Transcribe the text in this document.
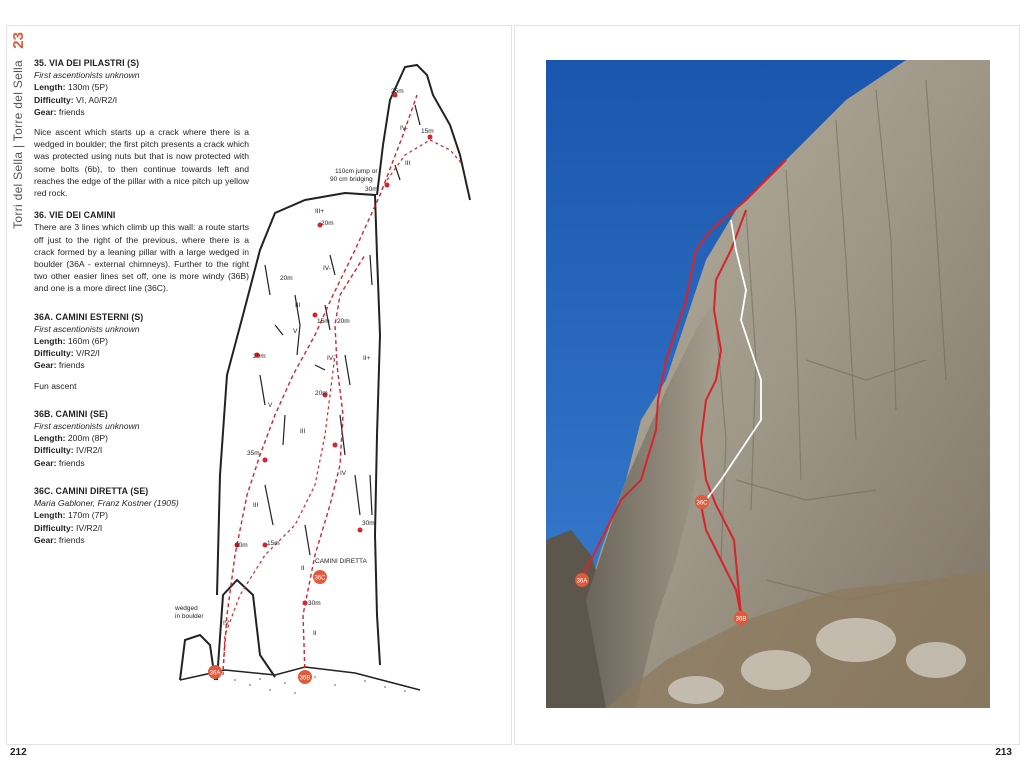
23
Torri del Sella | Torre del Sella 35. VIA DEI PILASTRI (S)
First ascentionists unknown
Length: 130m (5P)
Difficulty: VI, A0/R2/I
Gear: friends

Nice ascent which starts up a crack where there is a wedged in boulder; the first pitch presents a crack which was protected using nuts but that is now protected with some bolts (6b), to then continue towards left and reaches the edge of the pillar with a nice pitch up yellow red rock.

36. VIE DEI CAMINI

There are 3 lines which climb up this wall: a route starts off just to the right of the previous, where there is a crack formed by a leaning pillar with a large wedged in boulder (36A - external chimneys). Further to the right two other easier lines set off, one is more windy (36B) and one is a more direct line (36C).

36A. CAMINI ESTERNI (S)
First ascentionists unknown
Length: 160m (6P)
Difficulty: V/R2/I
Gear: friends

Fun ascent

36B. CAMINI (SE)
First ascentionists unknown
Length: 200m (8P)
Difficulty: IV/R2/I
Gear: friends
36C. CAMINI DIRETTA (SE)
Maria Gabloner, Franz Kostner (1905)
Length: 170m (7P)
Difficulty: IV/R2/I
Gear: friends
110cm jump or
90 cm bridging
wedged
in boulder
CAMINI DIRETTA
25m
15m
30m
20m
20m
15m 20m
20m
20m
35m
30m	15m
30m
30m
IV-
III
III+
IV-
III
V
IV-	II+
V
III
IV
III
II
II
IV
36A
36B
36C	36A
36C
36B
212	213
